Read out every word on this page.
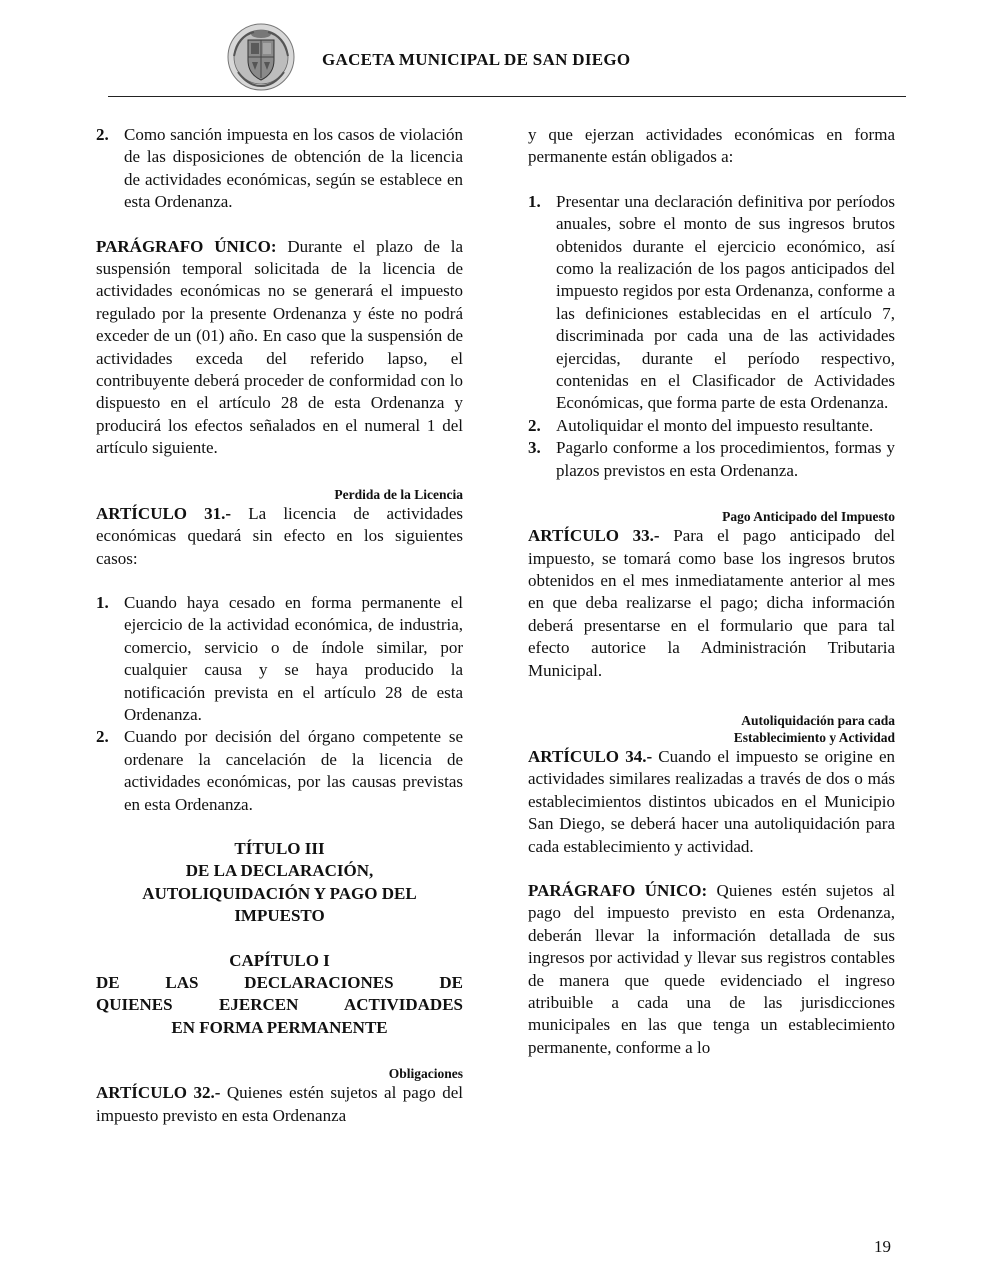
GACETA MUNICIPAL DE SAN DIEGO
2. Como sanción impuesta en los casos de violación de las disposiciones de obtención de la licencia de actividades económicas, según se establece en esta Ordenanza.

PARÁGRAFO ÚNICO: Durante el plazo de la suspensión temporal solicitada de la licencia de actividades económicas no se generará el impuesto regulado por la presente Ordenanza y éste no podrá exceder de un (01) año. En caso que la suspensión de actividades exceda del referido lapso, el contribuyente deberá proceder de conformidad con lo dispuesto en el artículo 28 de esta Ordenanza y producirá los efectos señalados en el numeral 1 del artículo siguiente.

Perdida de la Licencia

ARTÍCULO 31.- La licencia de actividades económicas quedará sin efecto en los siguientes casos:

1. Cuando haya cesado en forma permanente el ejercicio de la actividad económica, de industria, comercio, servicio o de índole similar, por cualquier causa y se haya producido la notificación prevista en el artículo 28 de esta Ordenanza.
2. Cuando por decisión del órgano competente se ordenare la cancelación de la licencia de actividades económicas, por las causas previstas en esta Ordenanza.
TÍTULO III
DE LA DECLARACIÓN,
AUTOLIQUIDACIÓN Y PAGO DEL
IMPUESTO
CAPÍTULO I
DE LAS DECLARACIONES DE
QUIENES EJERCEN ACTIVIDADES
EN FORMA PERMANENTE
Obligaciones

ARTÍCULO 32.- Quienes estén sujetos al pago del impuesto previsto en esta Ordenanza

y que ejerzan actividades económicas en forma permanente están obligados a:

1. Presentar una declaración definitiva por períodos anuales, sobre el monto de sus ingresos brutos obtenidos durante el ejercicio económico, así como la realización de los pagos anticipados del impuesto regidos por esta Ordenanza, conforme a las definiciones establecidas en el artículo 7, discriminada por cada una de las actividades ejercidas, durante el período respectivo, contenidas en el Clasificador de Actividades Económicas, que forma parte de esta Ordenanza.
2. Autoliquidar el monto del impuesto resultante.
3. Pagarlo conforme a los procedimientos, formas y plazos previstos en esta Ordenanza.
Pago Anticipado del Impuesto

ARTÍCULO 33.- Para el pago anticipado del impuesto, se tomará como base los ingresos brutos obtenidos en el mes inmediatamente anterior al mes en que deba realizarse el pago; dicha información deberá presentarse en el formulario que para tal efecto autorice la Administración Tributaria Municipal.

Autoliquidación para cada
Establecimiento y Actividad

ARTÍCULO 34.- Cuando el impuesto se origine en actividades similares realizadas a través de dos o más establecimientos distintos ubicados en el Municipio San Diego, se deberá hacer una autoliquidación para cada establecimiento y actividad.

PARÁGRAFO ÚNICO: Quienes estén sujetos al pago del impuesto previsto en esta Ordenanza, deberán llevar la información detallada de sus ingresos por actividad y llevar sus registros contables de manera que quede evidenciado el ingreso atribuible a cada una de las jurisdicciones municipales en las que tenga un establecimiento permanente, conforme a lo

19
